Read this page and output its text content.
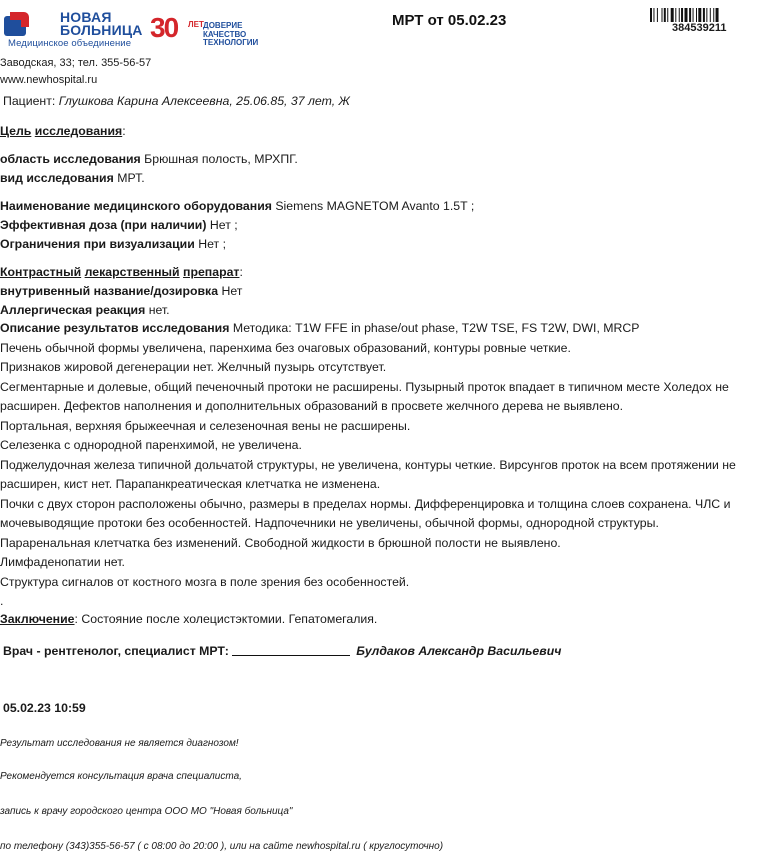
НОВАЯ
БОЛЬНИЦА
Медицинское объединение
30 ЛЕТ ДОВЕРИЕ
КАЧЕСТВО
ТЕХНОЛОГИИ
МРТ от 05.02.23	384539211
Заводская, 33; тел. 355-56-57
www.newhospital.ru
Пациент: Глушкова Карина Алексеевна, 25.06.85, 37 лет, Ж
Цель исследования:
область исследования Брюшная полость, МРХПГ.
вид исследования МРТ.
Наименование медицинского оборудования Siemens MAGNETOM Avanto 1.5T ;
Эффективная доза (при наличии) Нет ;
Ограничения при визуализации Нет ;
Контрастный лекарственный препарат:
внутривенный название/дозировка Нет
Аллергическая реакция нет.
Описание результатов исследования Методика: T1W FFE in phase/out phase, T2W TSE, FS T2W, DWI, MRCP
Печень обычной формы увеличена, паренхима без очаговых образований, контуры ровные четкие.
Признаков жировой дегенерации нет. Желчный пузырь отсутствует.
Сегментарные и долевые, общий печеночный протоки не расширены. Пузырный проток впадает в типичном месте Холедох не расширен. Дефектов наполнения и дополнительных образований в просвете желчного дерева не выявлено.
Портальная, верхняя брыжеечная и селезеночная вены не расширены.
Селезенка с однородной паренхимой, не увеличена.
Поджелудочная железа типичной дольчатой структуры, не увеличена, контуры четкие. Вирсунгов проток на всем протяжении не расширен, кист нет. Парапанкреатическая клетчатка не изменена.
Почки с двух сторон расположены обычно, размеры в пределах нормы. Дифференцировка и толщина слоев сохранена. ЧЛС и мочевыводящие протоки без особенностей. Надпочечники не увеличены, обычной формы, однородной структуры.
Параренальная клетчатка без изменений. Свободной жидкости в брюшной полости не выявлено.
Лимфаденопатии нет.
Структура сигналов от костного мозга в поле зрения без особенностей.
.
Заключение: Состояние после холецистэктомии. Гепатомегалия.
Врач - рентгенолог, специалист МРТ:	Булдаков Александр Васильевич
05.02.23 10:59
Результат исследования не является диагнозом!
Рекомендуется консультация врача специалиста,
запись к врачу городского центра ООО МО "Новая больница"
по телефону (343)355-56-57 ( с 08:00 до 20:00 ), или на сайте newhospital.ru ( круглосуточно)
